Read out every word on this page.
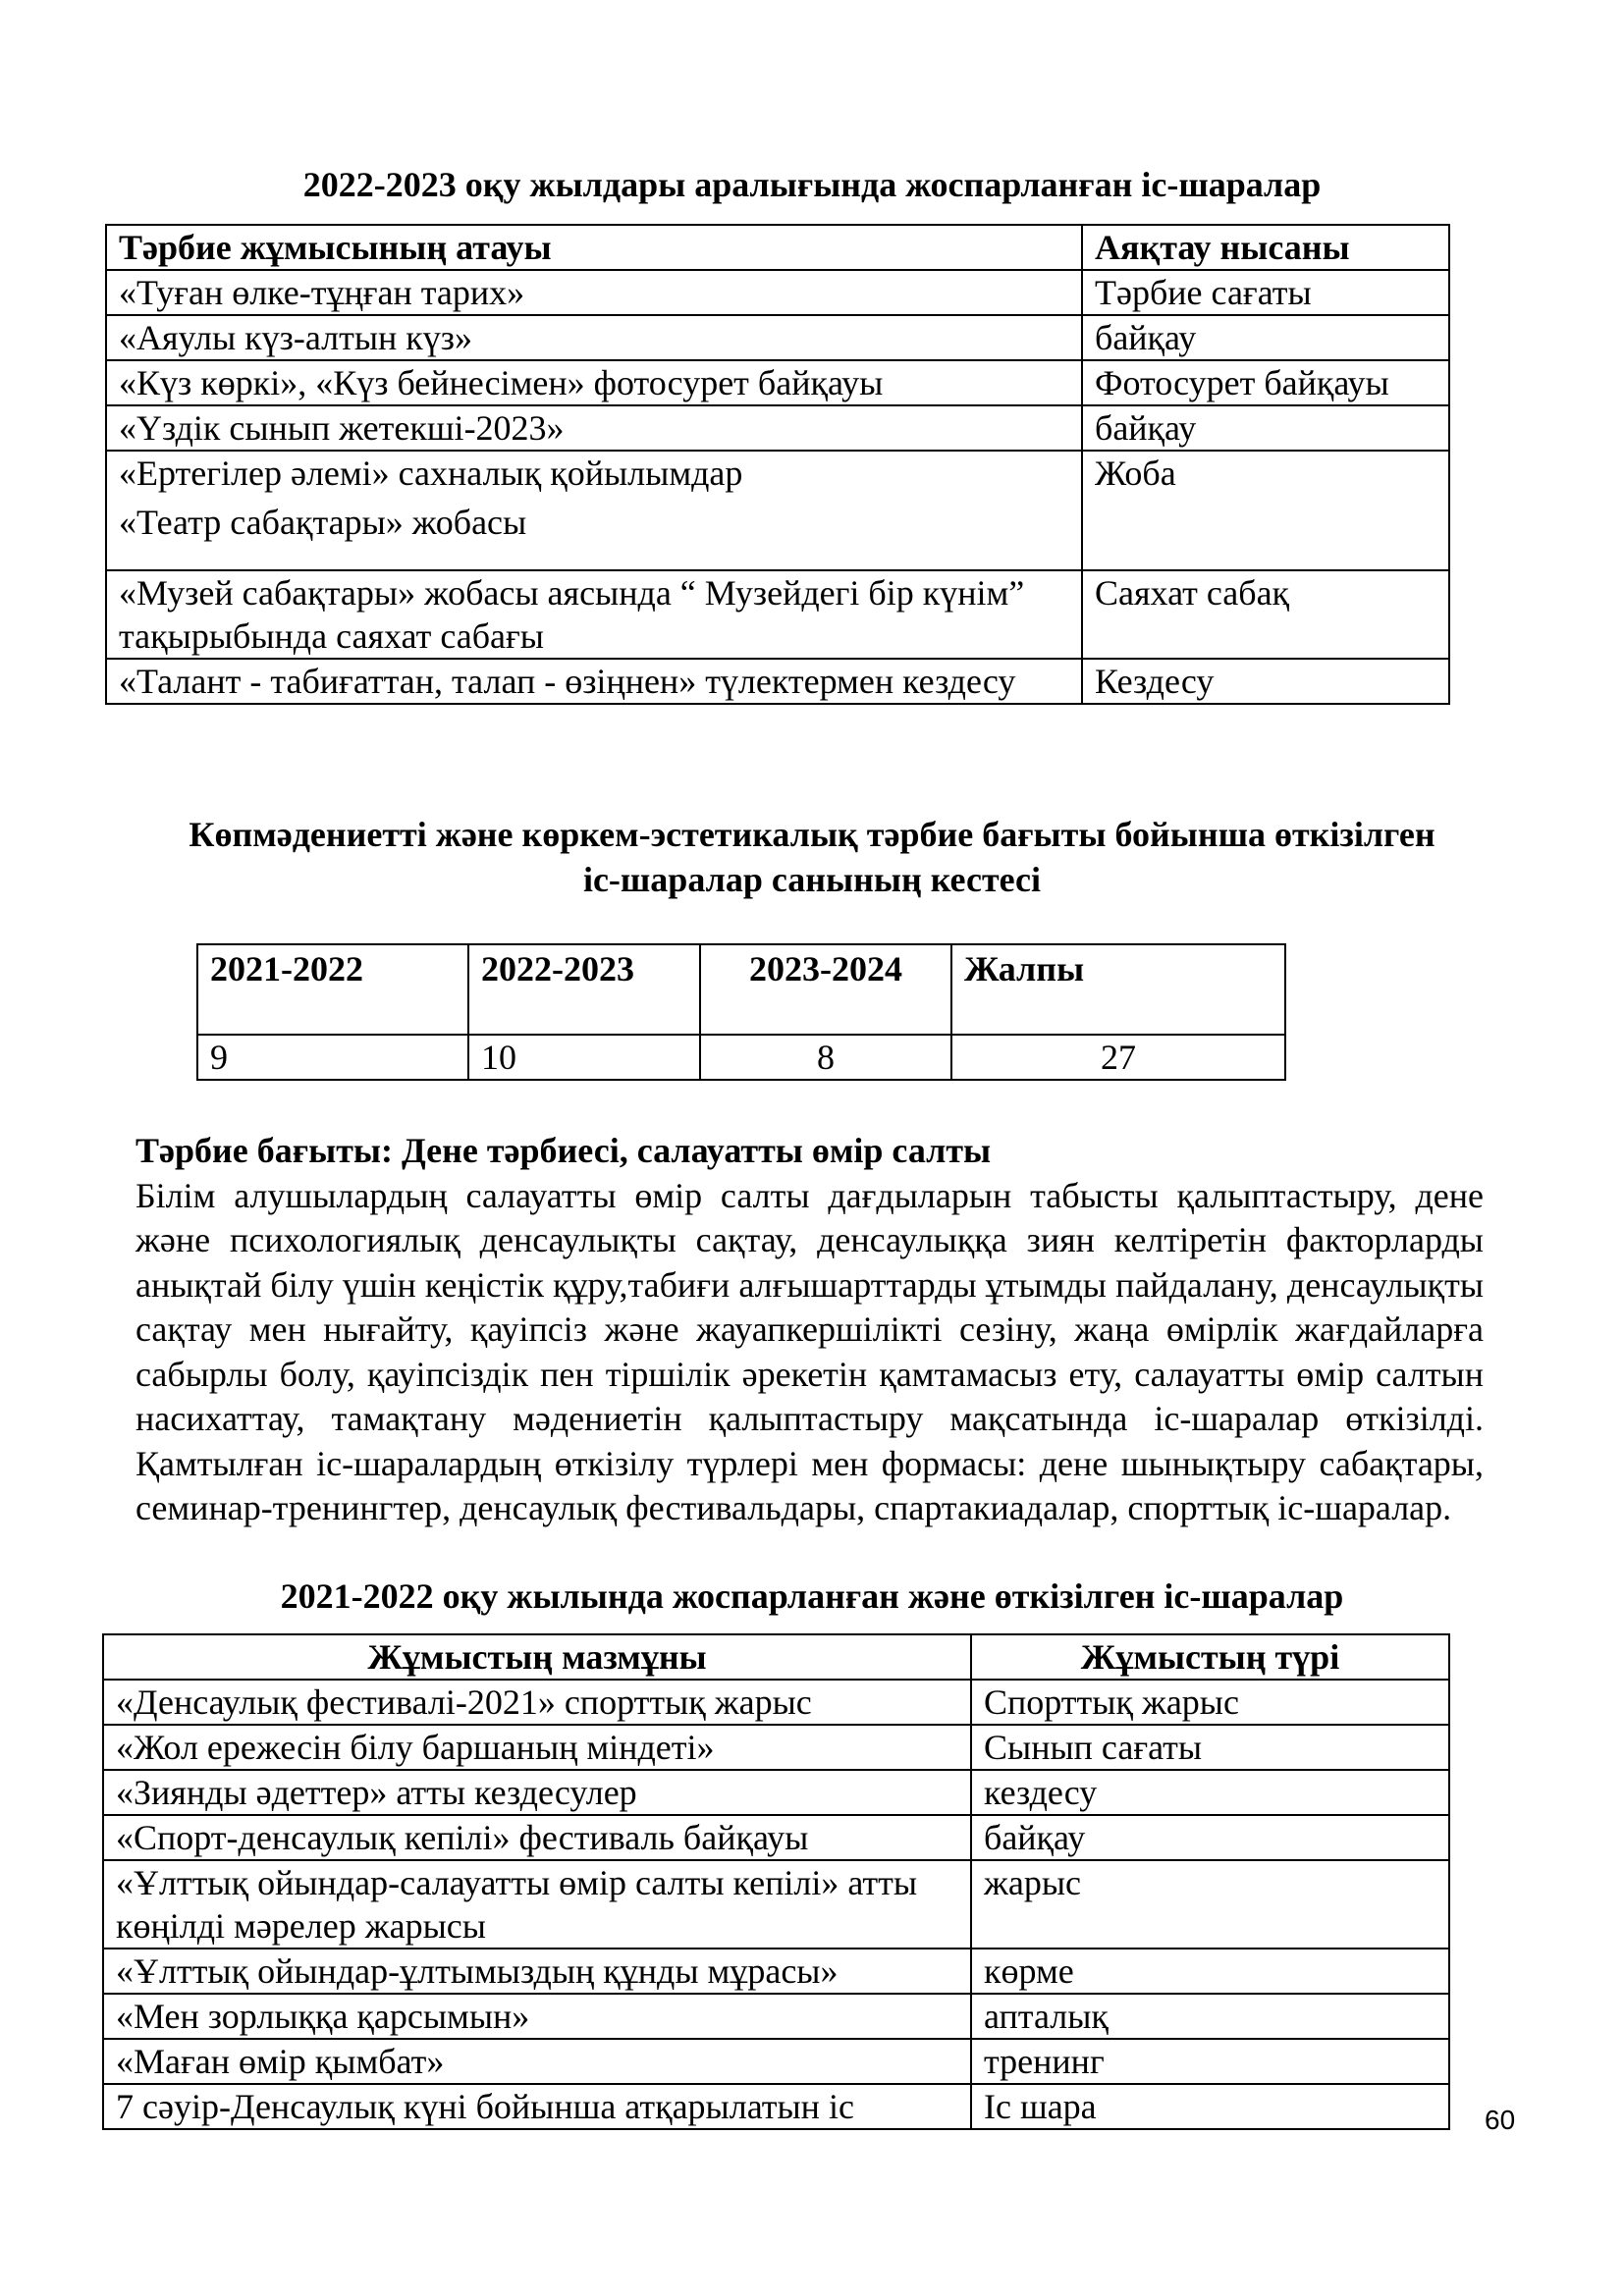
2022-2023 оқу жылдары аралығында жоспарланған іс-шаралар
Тәрбие жұмысының атауы	Аяқтау нысаны
«Туған өлке-тұңған тарих»	Тәрбие сағаты
«Аяулы күз-алтын күз»	байқау
«Күз көркі», «Күз бейнесімен» фотосурет байқауы	Фотосурет байқауы
«Үздік сынып жетекші-2023»	байқау

«Ертегілер әлемі» сахналық қойылымдар
«Театр сабақтары» жобасы	Жоба
«Музей сабақтары» жобасы аясында “ Музейдегі бір күнім” тақырыбында саяхат сабағы	Саяхат сабақ
«Талант - табиғаттан, талап - өзіңнен» түлектермен кездесу	Кездесу
Көпмәдениетті және көркем-эстетикалық тәрбие бағыты бойынша өткізілген
іс-шаралар санының кестесі
2021-2022	2022-2023	2023-2024	Жалпы
9	10	8	27
Тәрбие бағыты: Дене тәрбиесі, салауатты өмір салты
Білім алушылардың салауатты өмір салты дағдыларын табысты қалыптастыру, дене және психологиялық денсаулықты сақтау, денсаулыққа зиян келтіретін факторларды анықтай білу үшін кеңістік құру,табиғи алғышарттарды ұтымды пайдалану, денсаулықты сақтау мен нығайту, қауіпсіз және жауапкершілікті сезіну, жаңа өмірлік жағдайларға сабырлы болу, қауіпсіздік пен тіршілік әрекетін қамтамасыз ету, салауатты өмір салтын насихаттау, тамақтану мәдениетін қалыптастыру мақсатында іс-шаралар өткізілді. Қамтылған іс-шаралардың өткізілу түрлері мен формасы: дене шынықтыру сабақтары, семинар-тренингтер, денсаулық фестивальдары, спартакиадалар, спорттық іс-шаралар.
2021-2022 оқу жылында жоспарланған және өткізілген іс-шаралар
Жұмыстың мазмұны	Жұмыстың түрі
«Денсаулық фестивалі-2021» спорттық жарыс	Спорттық жарыс
«Жол ережесін білу баршаның міндеті»	Сынып сағаты
«Зиянды әдеттер» атты кездесулер	кездесу
«Спорт-денсаулық кепілі» фестиваль байқауы	байқау
«Ұлттық ойындар-салауатты өмір салты кепілі» атты көңілді мәрелер жарысы	жарыс
«Ұлттық ойындар-ұлтымыздың құнды мұрасы»	көрме
«Мен зорлыққа қарсымын»	апталық
«Маған өмір қымбат»	тренинг
7 сәуір-Денсаулық күні бойынша атқарылатын іс	Іс шара	60
